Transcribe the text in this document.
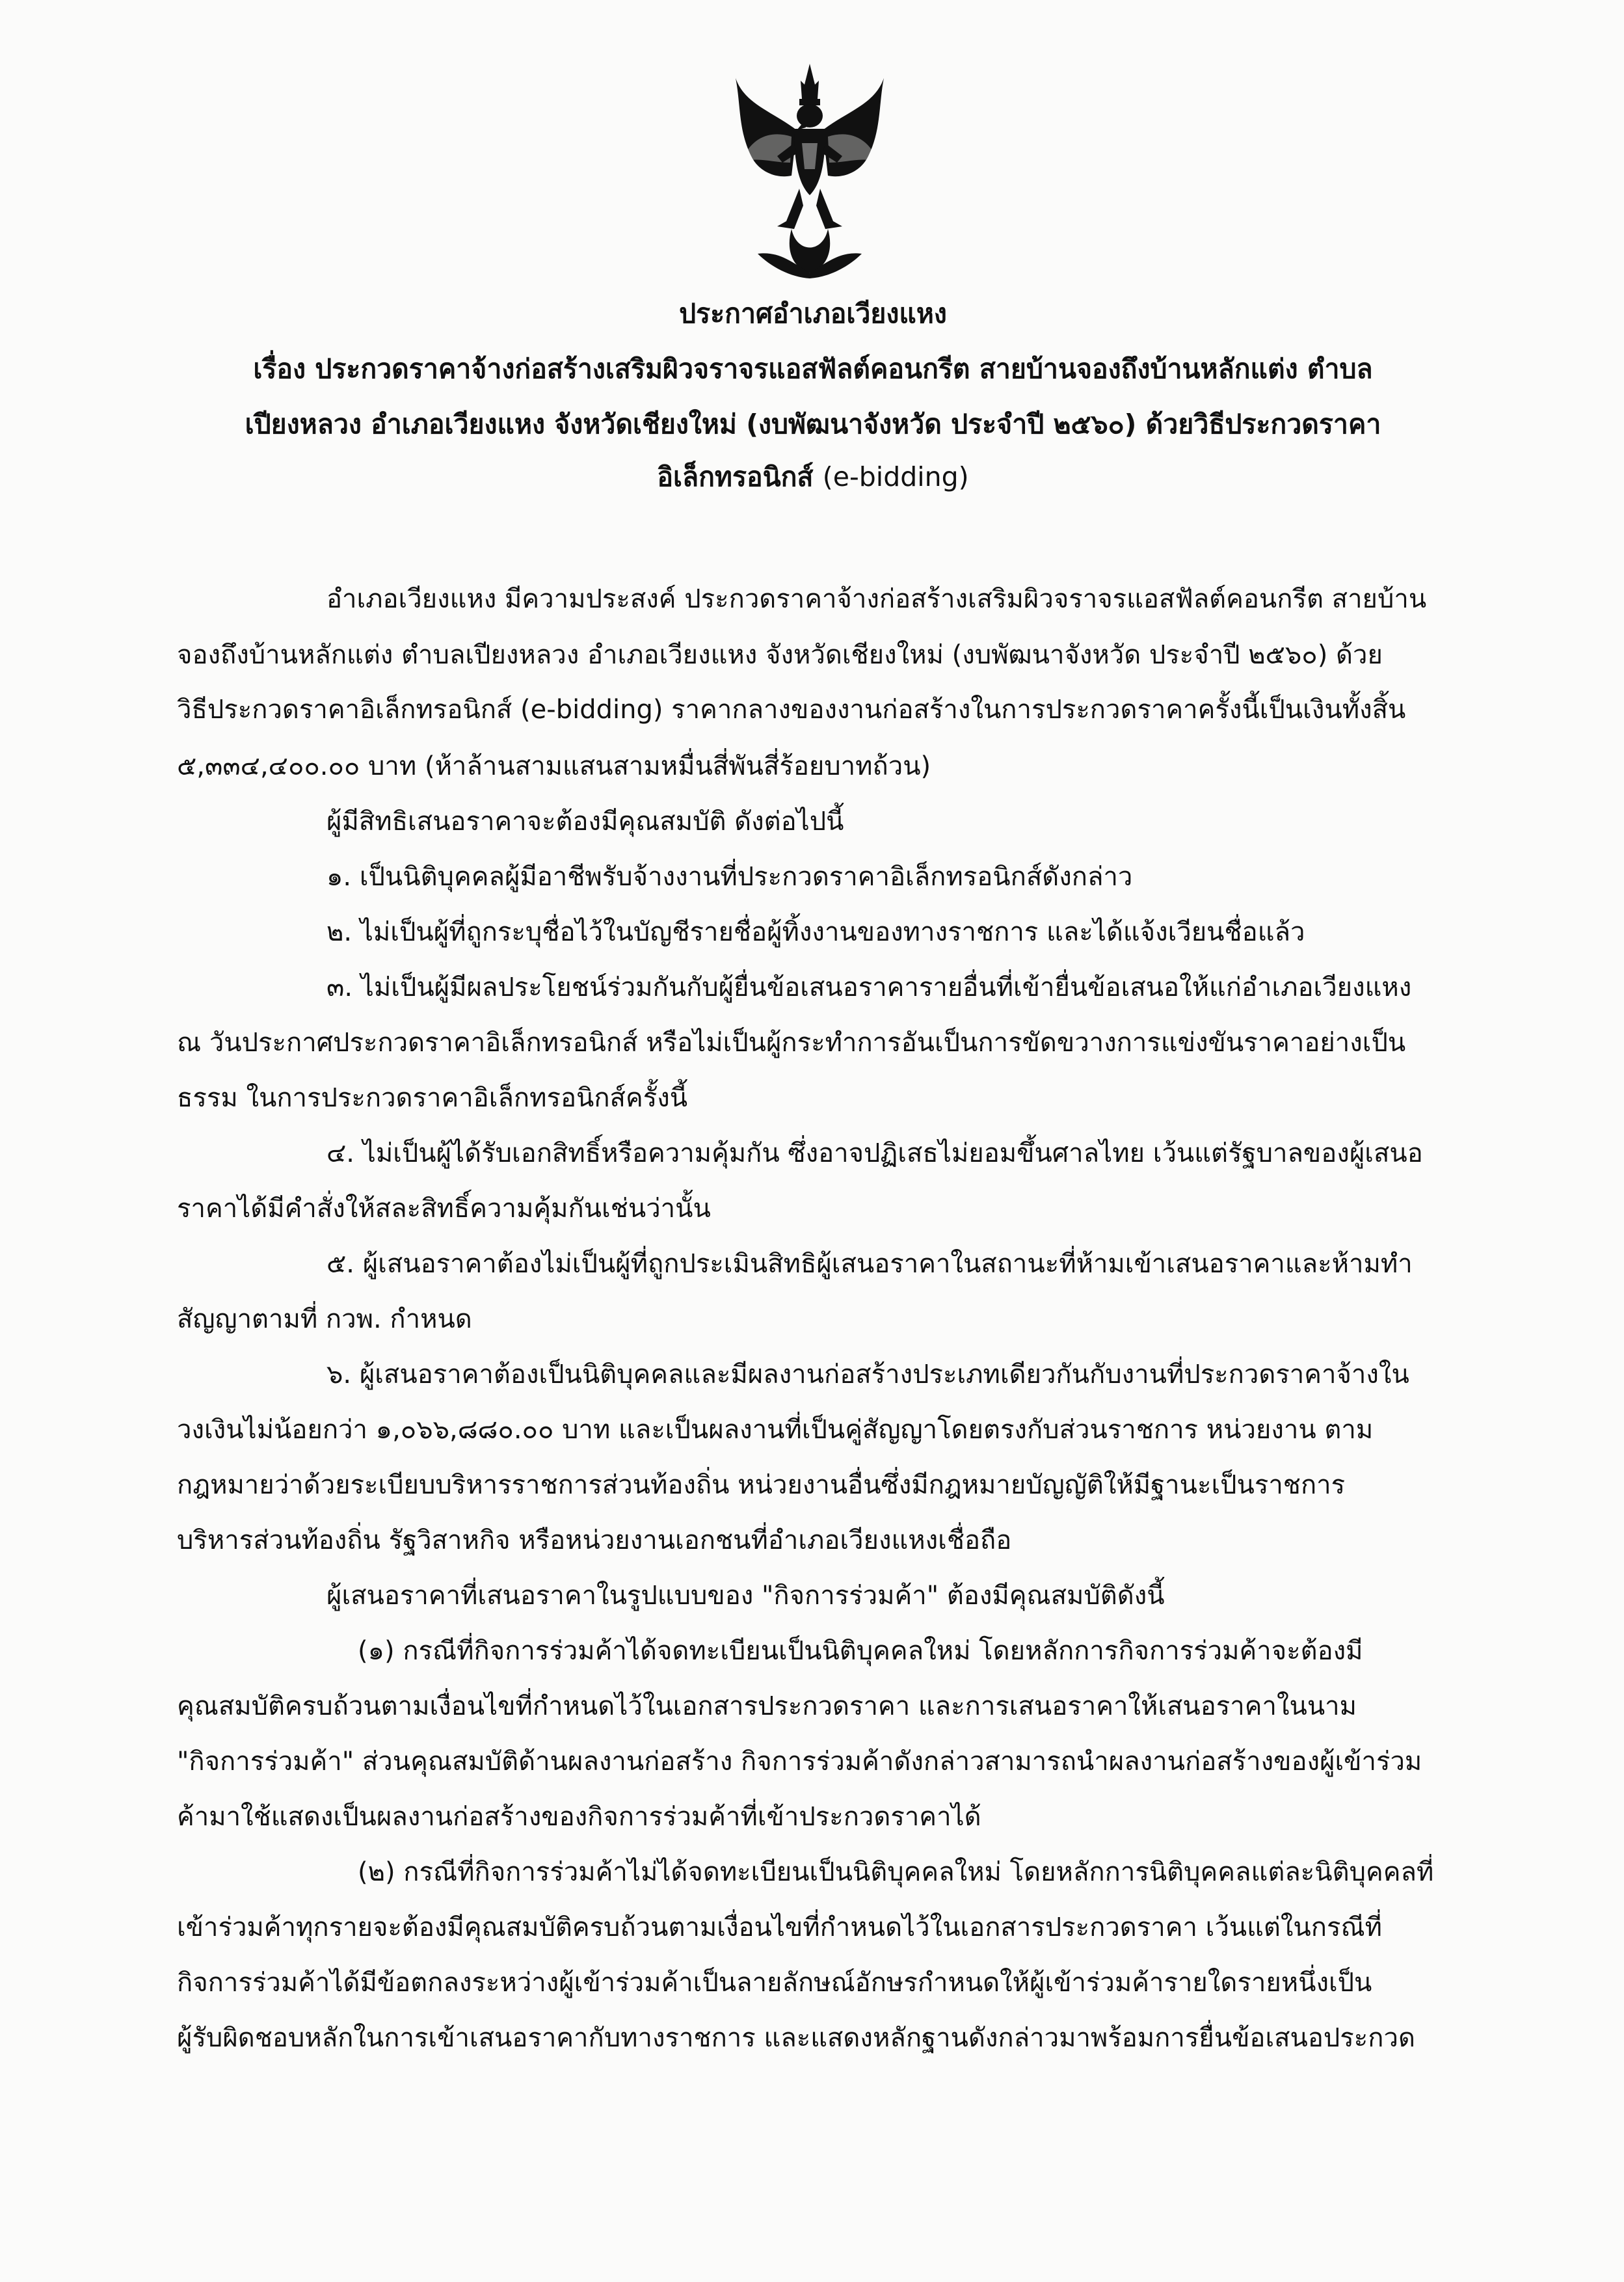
ประกาศอำเภอเวียงแหง
เรื่อง ประกวดราคาจ้างก่อสร้างเสริมผิวจราจรแอสฟัลต์คอนกรีต สายบ้านจองถึงบ้านหลักแต่ง ตำบล
เปียงหลวง อำเภอเวียงแหง จังหวัดเชียงใหม่ (งบพัฒนาจังหวัด ประจำปี ๒๕๖๐) ด้วยวิธีประกวดราคา
อิเล็กทรอนิกส์ (e-bidding)
อำเภอเวียงแหง มีความประสงค์ ประกวดราคาจ้างก่อสร้างเสริมผิวจราจรแอสฟัลต์คอนกรีต สายบ้าน
จองถึงบ้านหลักแต่ง ตำบลเปียงหลวง อำเภอเวียงแหง จังหวัดเชียงใหม่ (งบพัฒนาจังหวัด ประจำปี ๒๕๖๐) ด้วย
วิธีประกวดราคาอิเล็กทรอนิกส์ (e-bidding) ราคากลางของงานก่อสร้างในการประกวดราคาครั้งนี้เป็นเงินทั้งสิ้น
๕,๓๓๔,๔๐๐.๐๐ บาท (ห้าล้านสามแสนสามหมื่นสี่พันสี่ร้อยบาทถ้วน)
ผู้มีสิทธิเสนอราคาจะต้องมีคุณสมบัติ ดังต่อไปนี้
๑. เป็นนิติบุคคลผู้มีอาชีพรับจ้างงานที่ประกวดราคาอิเล็กทรอนิกส์ดังกล่าว
๒. ไม่เป็นผู้ที่ถูกระบุชื่อไว้ในบัญชีรายชื่อผู้ทิ้งงานของทางราชการ และได้แจ้งเวียนชื่อแล้ว
๓. ไม่เป็นผู้มีผลประโยชน์ร่วมกันกับผู้ยื่นข้อเสนอราคารายอื่นที่เข้ายื่นข้อเสนอให้แก่อำเภอเวียงแหง
ณ วันประกาศประกวดราคาอิเล็กทรอนิกส์ หรือไม่เป็นผู้กระทำการอันเป็นการขัดขวางการแข่งขันราคาอย่างเป็น
ธรรม ในการประกวดราคาอิเล็กทรอนิกส์ครั้งนี้
๔. ไม่เป็นผู้ได้รับเอกสิทธิ์หรือความคุ้มกัน ซึ่งอาจปฏิเสธไม่ยอมขึ้นศาลไทย เว้นแต่รัฐบาลของผู้เสนอ
ราคาได้มีคำสั่งให้สละสิทธิ์ความคุ้มกันเช่นว่านั้น
๕. ผู้เสนอราคาต้องไม่เป็นผู้ที่ถูกประเมินสิทธิผู้เสนอราคาในสถานะที่ห้ามเข้าเสนอราคาและห้ามทำ
สัญญาตามที่ กวพ. กำหนด
๖. ผู้เสนอราคาต้องเป็นนิติบุคคลและมีผลงานก่อสร้างประเภทเดียวกันกับงานที่ประกวดราคาจ้างใน
วงเงินไม่น้อยกว่า ๑,๐๖๖,๘๘๐.๐๐ บาท และเป็นผลงานที่เป็นคู่สัญญาโดยตรงกับส่วนราชการ หน่วยงาน ตาม
กฎหมายว่าด้วยระเบียบบริหารราชการส่วนท้องถิ่น หน่วยงานอื่นซึ่งมีกฎหมายบัญญัติให้มีฐานะเป็นราชการ
บริหารส่วนท้องถิ่น รัฐวิสาหกิจ หรือหน่วยงานเอกชนที่อำเภอเวียงแหงเชื่อถือ
ผู้เสนอราคาที่เสนอราคาในรูปแบบของ "กิจการร่วมค้า" ต้องมีคุณสมบัติดังนี้
(๑) กรณีที่กิจการร่วมค้าได้จดทะเบียนเป็นนิติบุคคลใหม่ โดยหลักการกิจการร่วมค้าจะต้องมี
คุณสมบัติครบถ้วนตามเงื่อนไขที่กำหนดไว้ในเอกสารประกวดราคา และการเสนอราคาให้เสนอราคาในนาม
"กิจการร่วมค้า" ส่วนคุณสมบัติด้านผลงานก่อสร้าง กิจการร่วมค้าดังกล่าวสามารถนำผลงานก่อสร้างของผู้เข้าร่วม
ค้ามาใช้แสดงเป็นผลงานก่อสร้างของกิจการร่วมค้าที่เข้าประกวดราคาได้
(๒) กรณีที่กิจการร่วมค้าไม่ได้จดทะเบียนเป็นนิติบุคคลใหม่ โดยหลักการนิติบุคคลแต่ละนิติบุคคลที่
เข้าร่วมค้าทุกรายจะต้องมีคุณสมบัติครบถ้วนตามเงื่อนไขที่กำหนดไว้ในเอกสารประกวดราคา เว้นแต่ในกรณีที่
กิจการร่วมค้าได้มีข้อตกลงระหว่างผู้เข้าร่วมค้าเป็นลายลักษณ์อักษรกำหนดให้ผู้เข้าร่วมค้ารายใดรายหนึ่งเป็น
ผู้รับผิดชอบหลักในการเข้าเสนอราคากับทางราชการ และแสดงหลักฐานดังกล่าวมาพร้อมการยื่นข้อเสนอประกวด
